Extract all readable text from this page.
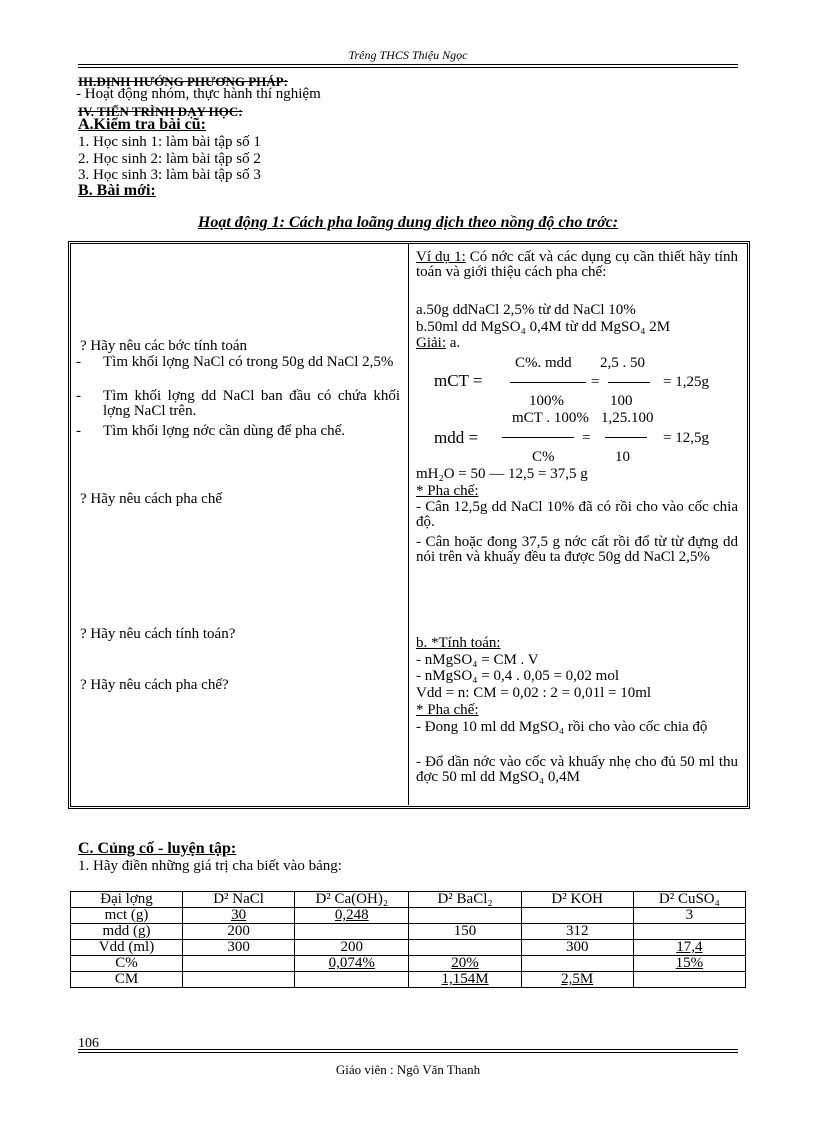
Trêng THCS Thiệu Ngọc
III.ĐỊNH HƯỚNG PHƯƠNG PHÁP:
- Hoạt động nhóm, thực hành thí nghiệm
IV. TIẾN TRÌNH DẠY HỌC:
A.Kiểm tra bài cũ:
1. Học sinh 1: làm bài tập số 1
2. Học sinh 2: làm bài tập số 2
3. Học sinh 3: làm bài tập số 3
B. Bài mới:
Hoạt động 1: Cách pha loãng dung dịch theo nồng độ cho trớc:
? Hãy nêu các bớc tính toán
- Tìm khối lợng NaCl có trong 50g dd NaCl 2,5%
- Tìm khối lợng dd NaCl ban đầu có chứa khối lợng NaCl trên.
- Tìm khối lợng nớc cần dùng để pha chế.
? Hãy nêu cách pha chế
? Hãy nêu cách tính toán?
? Hãy nêu cách pha chế?
Ví dụ 1: Có nớc cất và các dụng cụ cần thiết hãy tính toán và giới thiệu cách pha chế:
a.50g ddNaCl 2,5% từ dd NaCl 10%
b.50ml dd MgSO₄ 0,4M từ dd MgSO₄ 2M
Giải: a.
mCT =
C%. mdd
100%
=
2,5 . 50
100
= 1,25g
mdd =
mCT . 100%
C%
=
1,25.100
10
= 12,5g
mH₂O = 50 — 12,5 = 37,5 g
* Pha chế:
- Cân 12,5g dd NaCl 10% đã có rồi cho vào cốc chia độ.
- Cân hoặc đong 37,5 g nớc cất rồi đổ từ từ đựng dd nói trên và khuấy đều ta được 50g dd NaCl 2,5%
b. *Tính toán:
- nMgSO₄ = CM . V
- nMgSO₄ = 0,4 . 0,05 = 0,02 mol
Vdd = n: CM = 0,02 : 2 = 0,01l = 10ml
* Pha chế:
- Đong 10 ml dd MgSO₄ rồi cho vào cốc chia độ
- Đổ dần nớc vào cốc và khuấy nhẹ cho đủ 50 ml thu đợc 50 ml dd MgSO₄ 0,4M
C. Củng cố - luyện tập:
1. Hãy điền những giá trị cha biết vào bảng:
Đại lợng	D² NaCl	D² Ca(OH)₂	D² BaCl₂	D² KOH	D² CuSO₄
mct (g)	30	0,248			3
mdd (g)	200		150	312	
Vdd (ml)	300	200		300	17,4
C%		0,074%	20%		15%
CM			1,154M	2,5M	
106
Giáo viên : Ngô Văn Thanh
